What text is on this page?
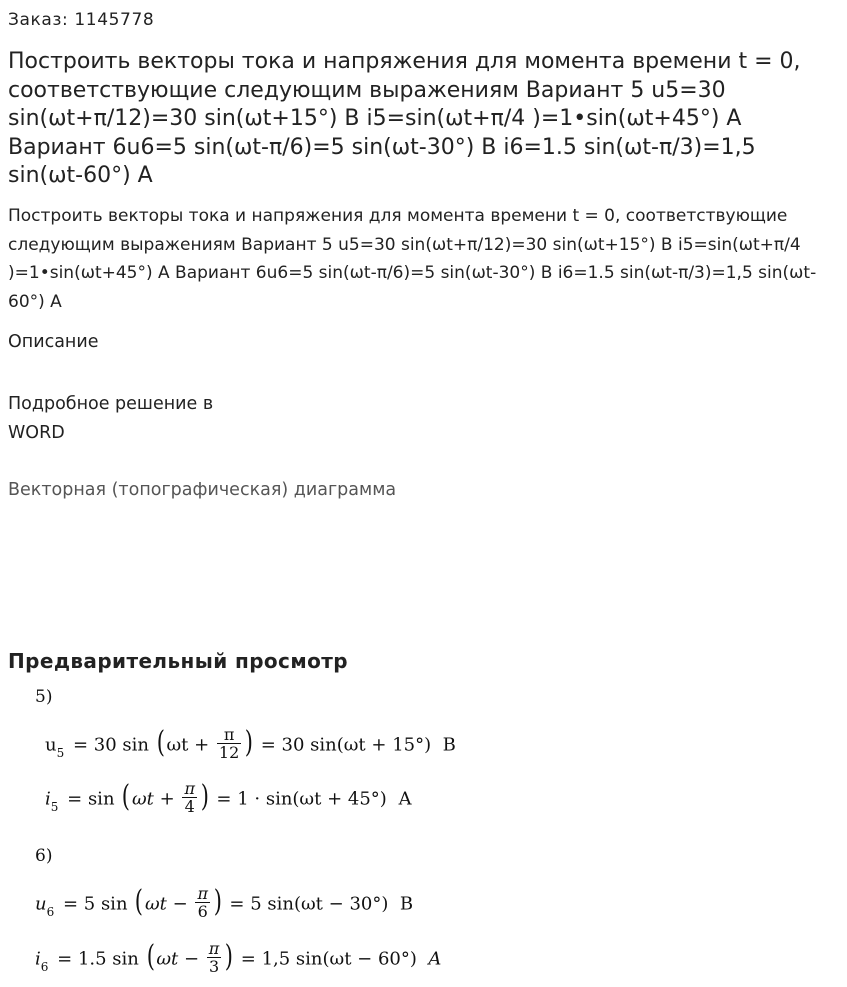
Заказ: 1145778
Построить векторы тока и напряжения для момента времени t = 0, соответствующие следующим выражениям Вариант 5 u5=30 sin(ωt+π/12)=30 sin(ωt+15°) В i5=sin(ωt+π/4 )=1•sin(ωt+45°) А Вариант 6u6=5 sin(ωt-π/6)=5 sin(ωt-30°) В i6=1.5 sin(ωt-π/3)=1,5 sin(ωt-60°) А

Построить векторы тока и напряжения для момента времени t = 0, соответствующие следующим выражениям Вариант 5 u5=30 sin(ωt+π/12)=30 sin(ωt+15°) В i5=sin(ωt+π/4 )=1•sin(ωt+45°) А Вариант 6u6=5 sin(ωt-π/6)=5 sin(ωt-30°) В i6=1.5 sin(ωt-π/3)=1,5 sin(ωt-60°) А

Описание
Подробное решение в
WORD
Векторная (топографическая) диаграмма
Предварительный просмотр
5)
$u_5 = 30$ $\sin (\omega t + \frac{\pi}{12}$ ) = 30 sin(ωt + 15°) В
$i_5 = \sin (\omega t + \frac{\pi}{4}$ ) = 1 · sin(ωt + 45°) А
6)
$u_6 = 5$ $\sin (\omega t - \frac{\pi}{6}$ ) = 5 sin(ωt − 30°) В
$i_6 = 1.5$ $\sin (\omega t - \frac{\pi}{3}$ ) = 1,5 sin(ωt − 60°) A
